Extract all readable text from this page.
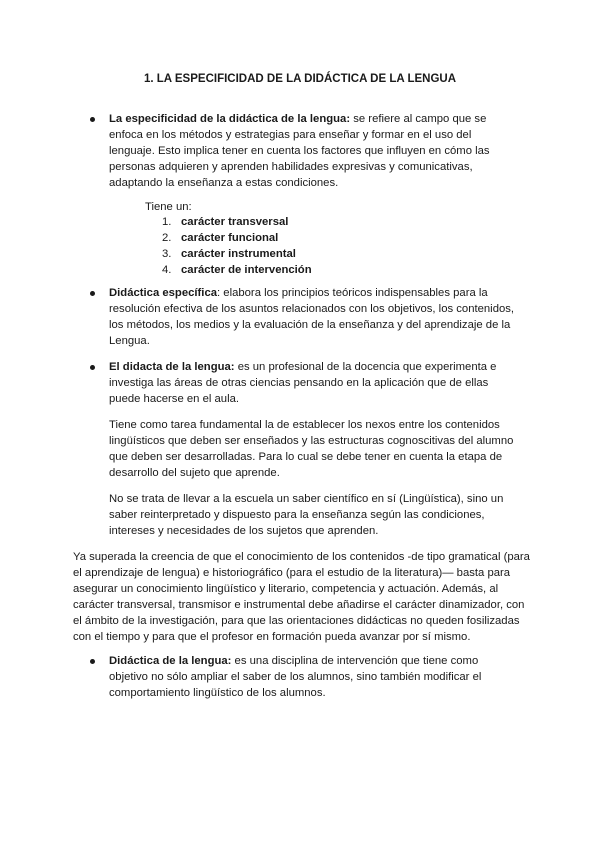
1. LA ESPECIFICIDAD DE LA DIDÁCTICA DE LA LENGUA

La especificidad de la didáctica de la lengua: se refiere al campo que se enfoca en los métodos y estrategias para enseñar y formar en el uso del lenguaje. Esto implica tener en cuenta los factores que influyen en cómo las personas adquieren y aprenden habilidades expresivas y comunicativas, adaptando la enseñanza a estas condiciones.

Tiene un:

1. carácter transversal
2. carácter funcional
3. carácter instrumental
4. carácter de intervención

Didáctica específica: elabora los principios teóricos indispensables para la resolución efectiva de los asuntos relacionados con los objetivos, los contenidos, los métodos, los medios y la evaluación de la enseñanza y del aprendizaje de la Lengua.

El didacta de la lengua: es un profesional de la docencia que experimenta e investiga las áreas de otras ciencias pensando en la aplicación que de ellas puede hacerse en el aula.

Tiene como tarea fundamental la de establecer los nexos entre los contenidos lingüísticos que deben ser enseñados y las estructuras cognoscitivas del alumno que deben ser desarrolladas. Para lo cual se debe tener en cuenta la etapa de desarrollo del sujeto que aprende.

No se trata de llevar a la escuela un saber científico en sí (Lingüística), sino un saber reinterpretado y dispuesto para la enseñanza según las condiciones, intereses y necesidades de los sujetos que aprenden.

Ya superada la creencia de que el conocimiento de los contenidos -de tipo gramatical (para el aprendizaje de lengua) e historiográfico (para el estudio de la literatura)— basta para asegurar un conocimiento lingüístico y literario, competencia y actuación. Además, al carácter transversal, transmisor e instrumental debe añadirse el carácter dinamizador, con el ámbito de la investigación, para que las orientaciones didácticas no queden fosilizadas con el tiempo y para que el profesor en formación pueda avanzar por sí mismo.

Didáctica de la lengua: es una disciplina de intervención que tiene como objetivo no sólo ampliar el saber de los alumnos, sino también modificar el comportamiento lingüístico de los alumnos.
